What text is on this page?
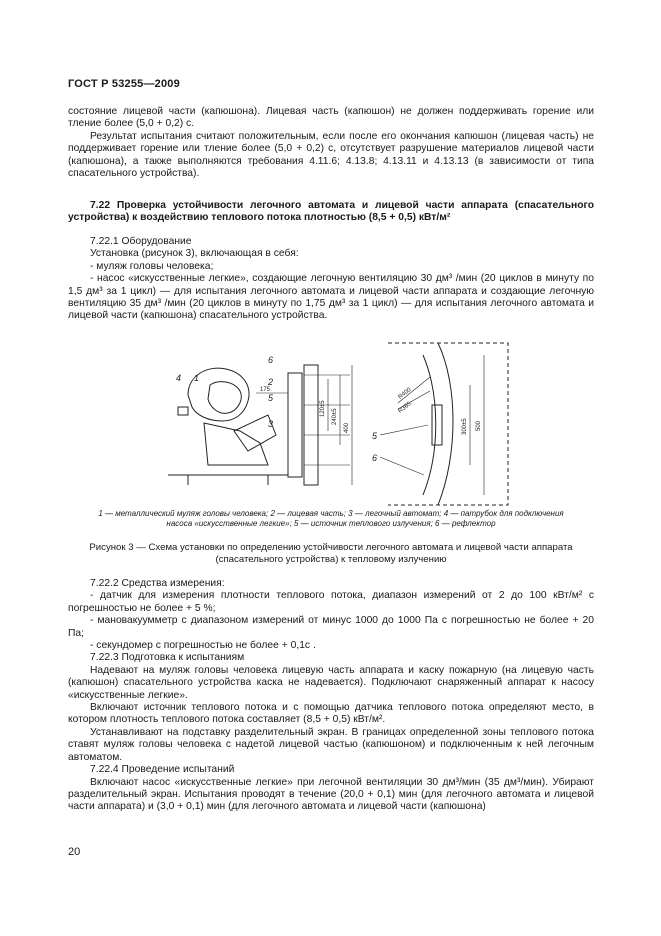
ГОСТ Р 53255—2009

состояние лицевой части (капюшона). Лицевая часть (капюшон) не должен поддерживать горение или тление более (5,0 + 0,2) с.

Результат испытания считают положительным, если после его окончания капюшон (лицевая часть) не поддерживает горение или тление более (5,0 + 0,2) с, отсутствует разрушение материалов лицевой части (капюшона), а также выполняются требования 4.11.6; 4.13.8; 4.13.11 и 4.13.13 (в зависимости от типа спасательного устройства).

7.22 Проверка устойчивости легочного автомата и лицевой части аппарата (спасательного устройства) к воздействию теплового потока плотностью (8,5 + 0,5) кВт/м²

7.22.1 Оборудование

Установка (рисунок 3), включающая в себя:

- муляж головы человека;

- насос «искусственные легкие», создающие легочную вентиляцию 30 дм³ /мин (20 циклов в минуту по 1,5 дм³ за 1 цикл) — для испытания легочного автомата и лицевой части аппарата и создающие легочную вентиляцию 35 дм³ /мин (20 циклов в минуту по 1,75 дм³ за 1 цикл) — для испытания легочного автомата и лицевой части (капюшона) спасательного устройства.

4 1
6
2
5
3
5
6
175
120±5 240±5
400
R400
R365
300±5 500
1 — металлический муляж головы человека; 2 — лицевая часть; 3 — легочный автомат; 4 — патрубок для подключения
насоса «искусственные легкие»; 5 — источник теплового излучения; 6 — рефлектор
Рисунок 3 — Схема установки по определению устойчивости легочного автомата и лицевой части аппарата
(спасательного устройства) к тепловому излучению

7.22.2 Средства измерения:

- датчик для измерения плотности теплового потока, диапазон измерений от 2 до 100 кВт/м² с погрешностью не более + 5 %;

- мановакуумметр с диапазоном измерений от минус 1000 до 1000 Па с погрешностью не более + 20 Па;

- секундомер с погрешностью не более + 0,1с .

7.22.3 Подготовка к испытаниям

Надевают на муляж головы человека лицевую часть аппарата и каску пожарную (на лицевую часть (капюшон) спасательного устройства каска не надевается). Подключают снаряженный аппарат к насосу «искусственные легкие».

Включают источник теплового потока и с помощью датчика теплового потока определяют место, в котором плотность теплового потока составляет (8,5 + 0,5) кВт/м².

Устанавливают на подставку разделительный экран. В границах определенной зоны теплового потока ставят муляж головы человека с надетой лицевой частью (капюшоном) и подключенным к ней легочным автоматом.

7.22.4 Проведение испытаний

Включают насос «искусственные легкие» при легочной вентиляции 30 дм³/мин (35 дм³/мин). Убирают разделительный экран. Испытания проводят в течение (20,0 + 0,1) мин (для легочного автомата и лицевой части аппарата) и (3,0 + 0,1) мин (для легочного автомата и лицевой части (капюшона)

20
